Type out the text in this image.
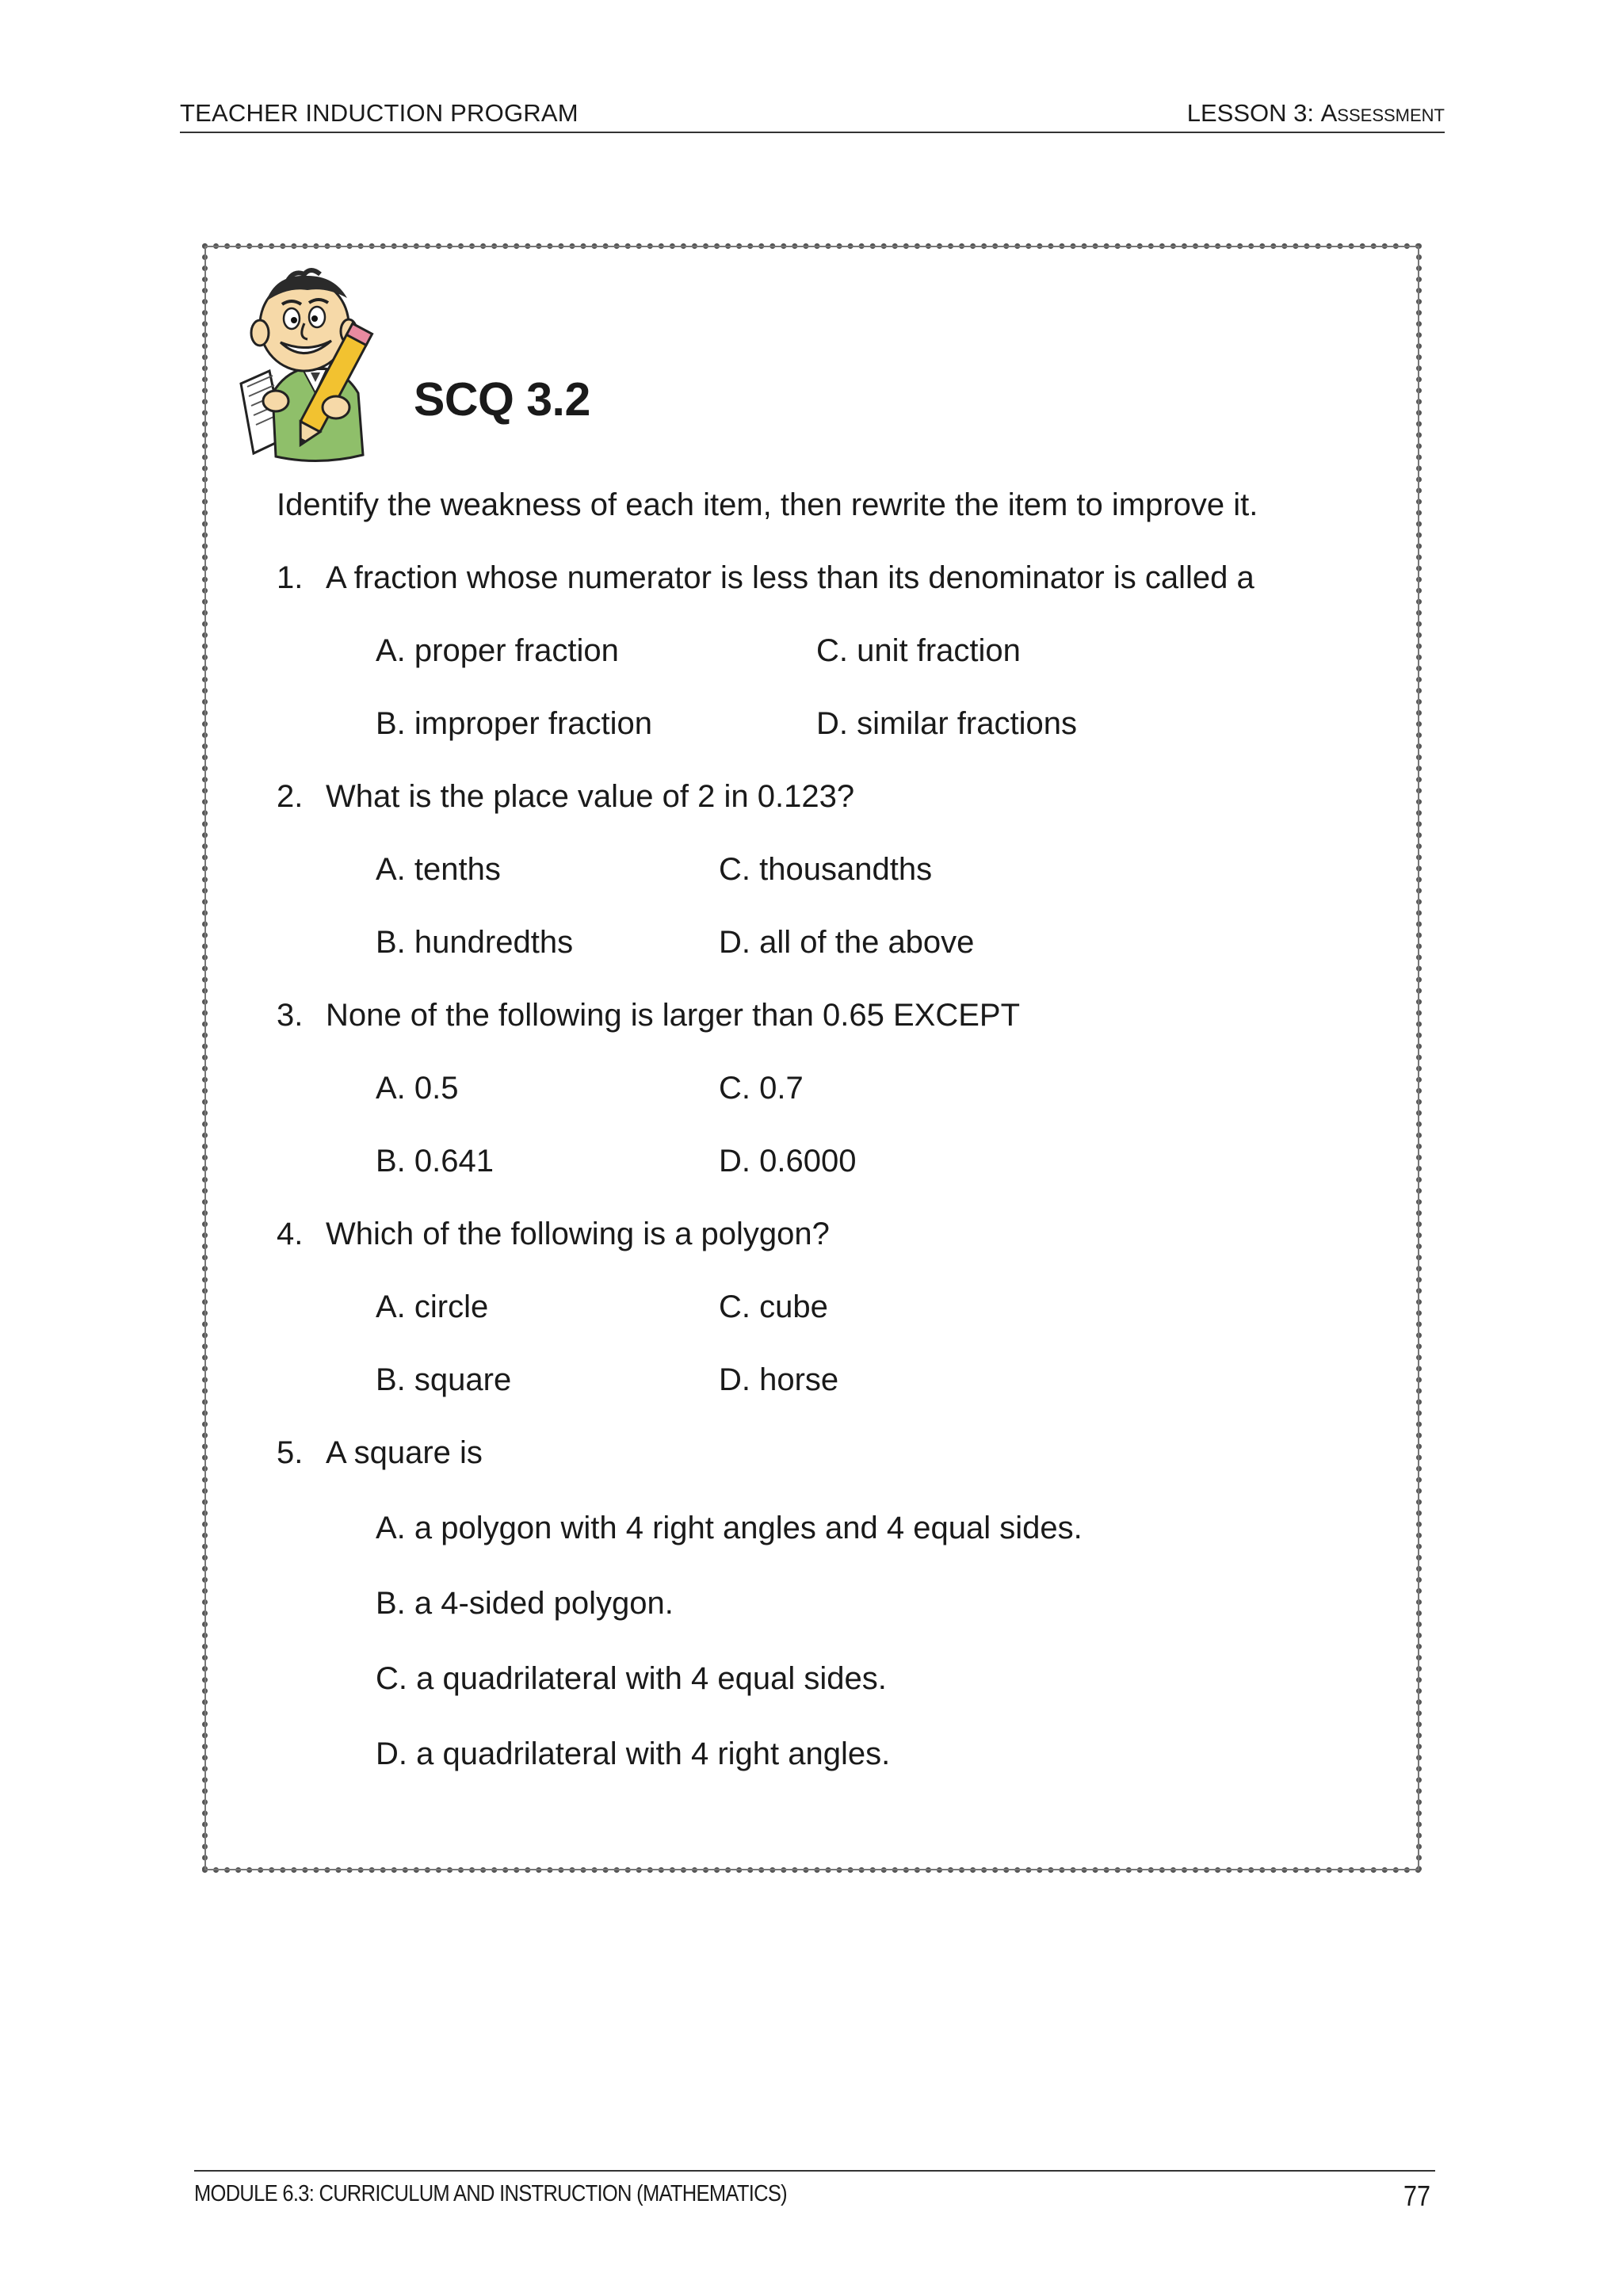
TEACHER INDUCTION PROGRAM	LESSON 3: Assessment
SCQ 3.2
Identify the weakness of each item, then rewrite the item to improve it.
1. A fraction whose numerator is less than its denominator is called a
A. proper fraction
B. improper fraction
C. unit fraction
D. similar fractions
2. What is the place value of 2 in 0.123?
A. tenths
B. hundredths
C. thousandths
D. all of the above
3. None of the following is larger than 0.65 EXCEPT
A. 0.5
B. 0.641
C. 0.7
D. 0.6000
4. Which of the following is a polygon?
A. circle
B. square
C. cube
D. horse
5. A square is
A. a polygon with 4 right angles and 4 equal sides.
B. a 4-sided polygon.
C. a quadrilateral with 4 equal sides.
D. a quadrilateral with 4 right angles.
MODULE 6.3: CURRICULUM AND INSTRUCTION (MATHEMATICS)	77
